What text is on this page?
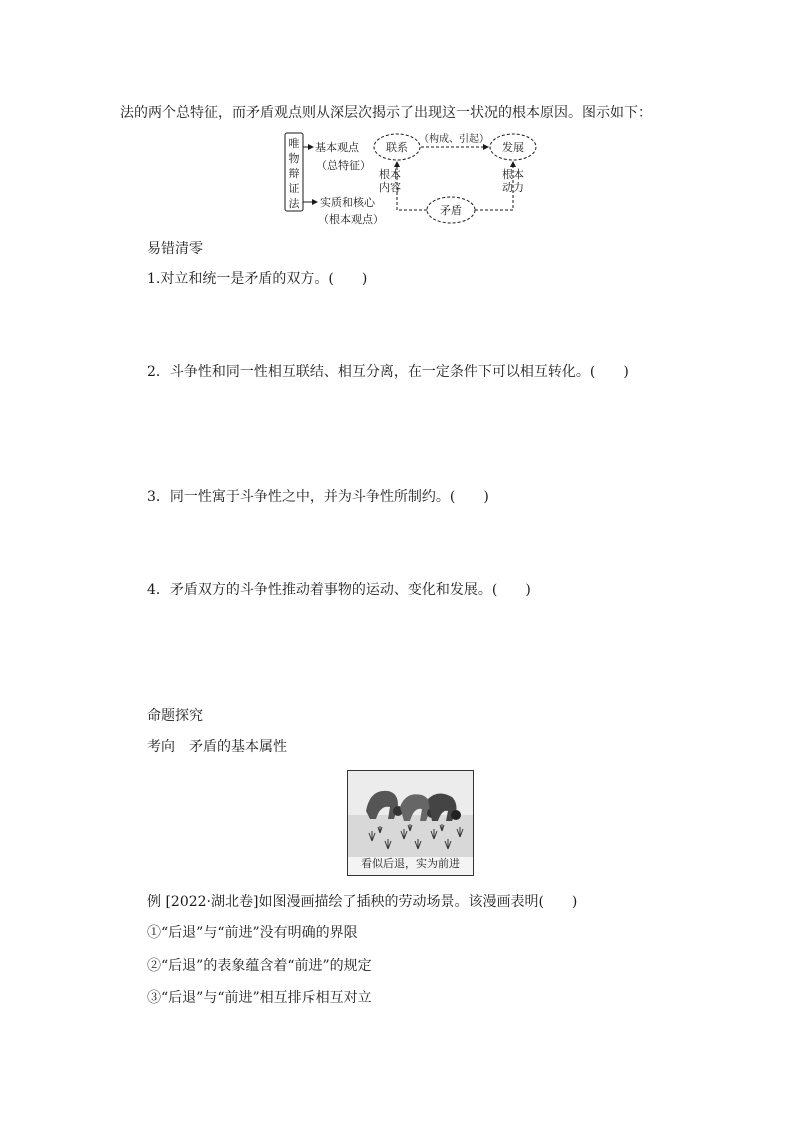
法的两个总特征，而矛盾观点则从深层次揭示了出现这一状况的根本原因。图示如下：
唯
物
辩
证
法
基本观点
（总特征）
实质和核心
（根本观点）
联系	发展
矛盾
（构成、引起）
根本
内容
根本
动力
易错清零
1.对立和统一是矛盾的双方。(　　)
2．斗争性和同一性相互联结、相互分离，在一定条件下可以相互转化。(　　)
3．同一性寓于斗争性之中，并为斗争性所制约。(　　)
4．矛盾双方的斗争性推动着事物的运动、变化和发展。(　　)
命题探究
考向　矛盾的基本属性
看似后退，实为前进
例 [2022·湖北卷]如图漫画描绘了插秧的劳动场景。该漫画表明(　　)
①“后退”与“前进”没有明确的界限
②“后退”的表象蕴含着“前进”的规定
③“后退”与“前进”相互排斥相互对立
